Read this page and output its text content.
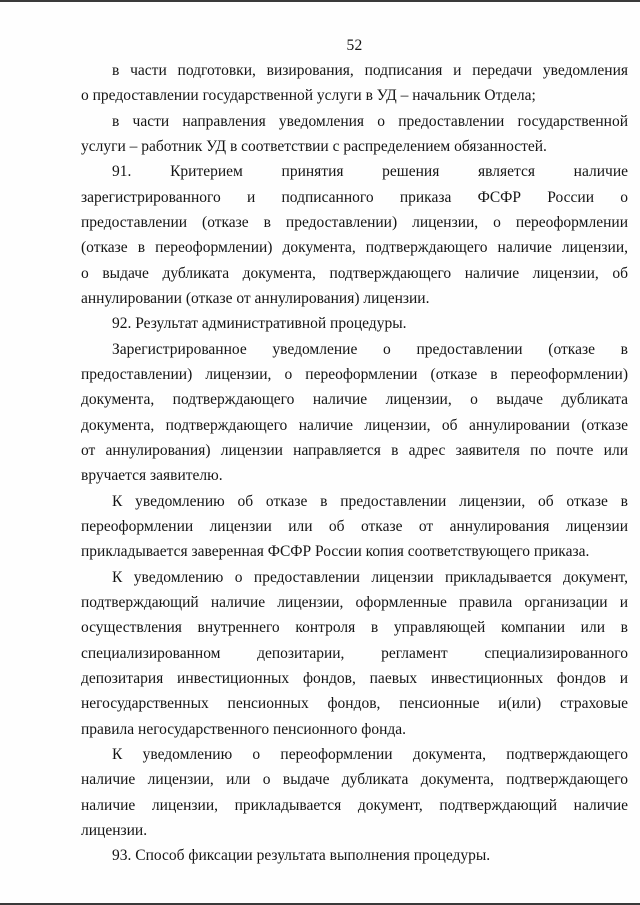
52

в части подготовки, визирования, подписания и передачи уведомления

о предоставлении государственной услуги в УД – начальник Отдела;

в части направления уведомления о предоставлении государственной

услуги – работник УД в соответствии с распределением обязанностей.

91. Критерием принятия решения является наличие

зарегистрированного и подписанного приказа ФСФР России о

предоставлении (отказе в предоставлении) лицензии, о переоформлении

(отказе в переоформлении) документа, подтверждающего наличие лицензии,

о выдаче дубликата документа, подтверждающего наличие лицензии, об

аннулировании (отказе от аннулирования) лицензии.

92. Результат административной процедуры.

Зарегистрированное уведомление о предоставлении (отказе в

предоставлении) лицензии, о переоформлении (отказе в переоформлении)

документа, подтверждающего наличие лицензии, о выдаче дубликата

документа, подтверждающего наличие лицензии, об аннулировании (отказе

от аннулирования) лицензии направляется в адрес заявителя по почте или

вручается заявителю.

К уведомлению об отказе в предоставлении лицензии, об отказе в

переоформлении лицензии или об отказе от аннулирования лицензии

прикладывается заверенная ФСФР России копия соответствующего приказа.

К уведомлению о предоставлении лицензии прикладывается документ,

подтверждающий наличие лицензии, оформленные правила организации и

осуществления внутреннего контроля в управляющей компании или в

специализированном депозитарии, регламент специализированного

депозитария инвестиционных фондов, паевых инвестиционных фондов и

негосударственных пенсионных фондов, пенсионные и(или) страховые

правила негосударственного пенсионного фонда.

К уведомлению о переоформлении документа, подтверждающего

наличие лицензии, или о выдаче дубликата документа, подтверждающего

наличие лицензии, прикладывается документ, подтверждающий наличие

лицензии.

93. Способ фиксации результата выполнения процедуры.
